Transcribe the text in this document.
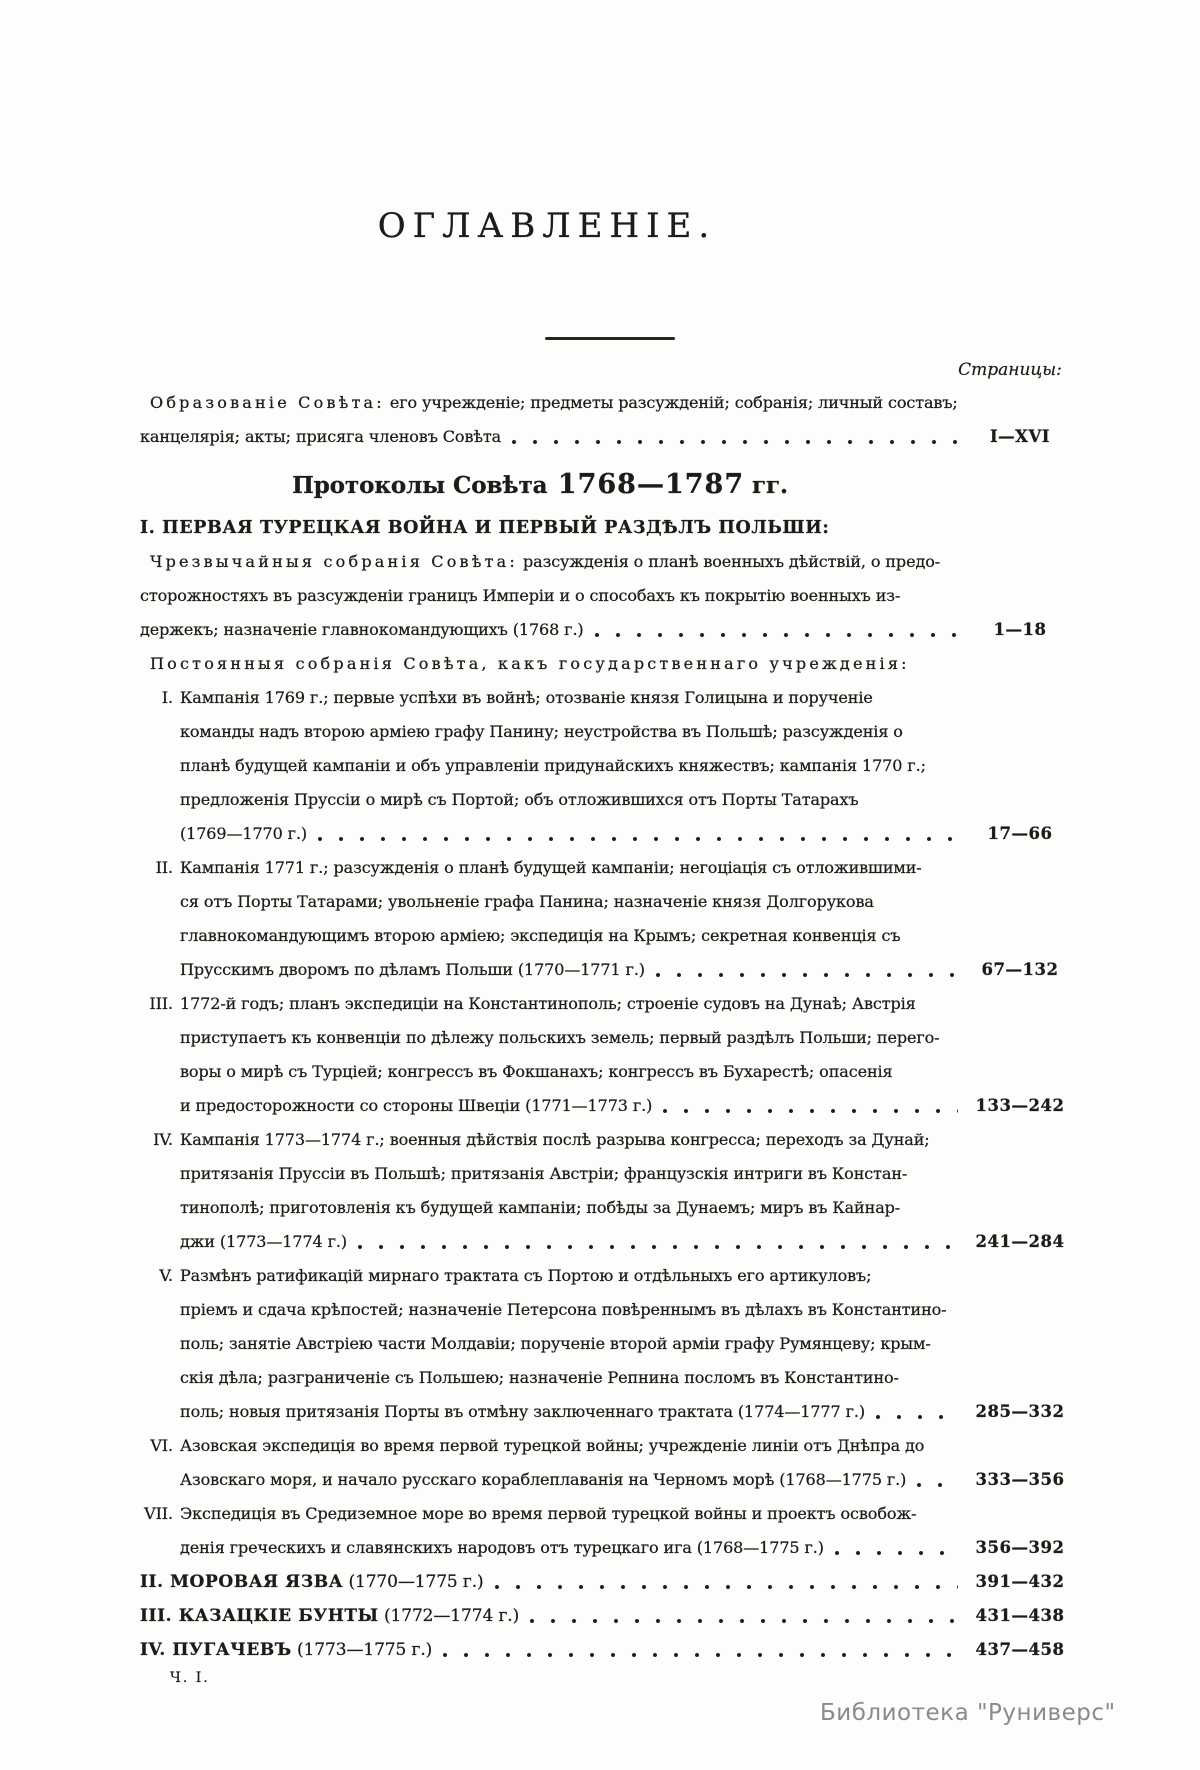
ОГЛАВЛЕНІЕ.
Страницы:
Образованіе Совѣта: его учрежденіе; предметы разсужденій; собранія; личный составъ;
канцелярія; акты; присяга членовъ Совѣта	I—XVI
Протоколы Совѣта 1768—1787 гг.
I. ПЕРВАЯ ТУРЕЦКАЯ ВОЙНА И ПЕРВЫЙ РАЗДѢЛЪ ПОЛЬШИ:
Чрезвычайныя собранія Совѣта: разсужденія о планѣ военныхъ дѣйствій, о предо-
сторожностяхъ въ разсужденіи границъ Имперіи и о способахъ къ покрытію военныхъ из-
держекъ; назначеніе главнокомандующихъ (1768 г.)	1—18
Постоянныя собранія Совѣта, какъ государственнаго учрежденія:
I. Кампанія 1769 г.; первые успѣхи въ войнѣ; отозваніе князя Голицына и порученіе
команды надъ второю арміею графу Панину; неустройства въ Польшѣ; разсужденія о
планѣ будущей кампаніи и объ управленіи придунайскихъ княжествъ; кампанія 1770 г.;
предложенія Пруссіи о мирѣ съ Портой; объ отложившихся отъ Порты Татарахъ
(1769—1770 г.)	17—66
II. Кампанія 1771 г.; разсужденія о планѣ будущей кампаніи; негоціація съ отложившими-
ся отъ Порты Татарами; увольненіе графа Панина; назначеніе князя Долгорукова
главнокомандующимъ второю арміею; экспедиція на Крымъ; секретная конвенція съ
Прусскимъ дворомъ по дѣламъ Польши (1770—1771 г.)	67—132
III. 1772-й годъ; планъ экспедиціи на Константинополь; строеніе судовъ на Дунаѣ; Австрія
приступаетъ къ конвенціи по дѣлежу польскихъ земель; первый раздѣлъ Польши; перего-
воры о мирѣ съ Турціей; конгрессъ въ Фокшанахъ; конгрессъ въ Бухарестѣ; опасенія
и предосторожности со стороны Швеціи (1771—1773 г.)	133—242
IV. Кампанія 1773—1774 г.; военныя дѣйствія послѣ разрыва конгресса; переходъ за Дунай;
притязанія Пруссіи въ Польшѣ; притязанія Австріи; французскія интриги въ Констан-
тинополѣ; приготовленія къ будущей кампаніи; побѣды за Дунаемъ; миръ въ Кайнар-
джи (1773—1774 г.)	241—284
V. Размѣнъ ратификацій мирнаго трактата съ Портою и отдѣльныхъ его артикуловъ;
пріемъ и сдача крѣпостей; назначеніе Петерсона повѣреннымъ въ дѣлахъ въ Константино-
поль; занятіе Австріею части Молдавіи; порученіе второй арміи графу Румянцеву; крым-
скія дѣла; разграниченіе съ Польшею; назначеніе Репнина посломъ въ Константино-
поль; новыя притязанія Порты въ отмѣну заключеннаго трактата (1774—1777 г.)	285—332
VI. Азовская экспедиція во время первой турецкой войны; учрежденіе линіи отъ Днѣпра до
Азовскаго моря, и начало русскаго кораблеплаванія на Черномъ морѣ (1768—1775 г.)	333—356
VII. Экспедиція въ Средиземное море во время первой турецкой войны и проектъ освобож-
денія греческихъ и славянскихъ народовъ отъ турецкаго ига (1768—1775 г.)	356—392
II. МОРОВАЯ ЯЗВА (1770—1775 г.)	391—432
III. КАЗАЦКІЕ БУНТЫ (1772—1774 г.)	431—438
IV. ПУГАЧЕВЪ (1773—1775 г.)	437—458
Ч. I.
Библиотека "Руниверс"
